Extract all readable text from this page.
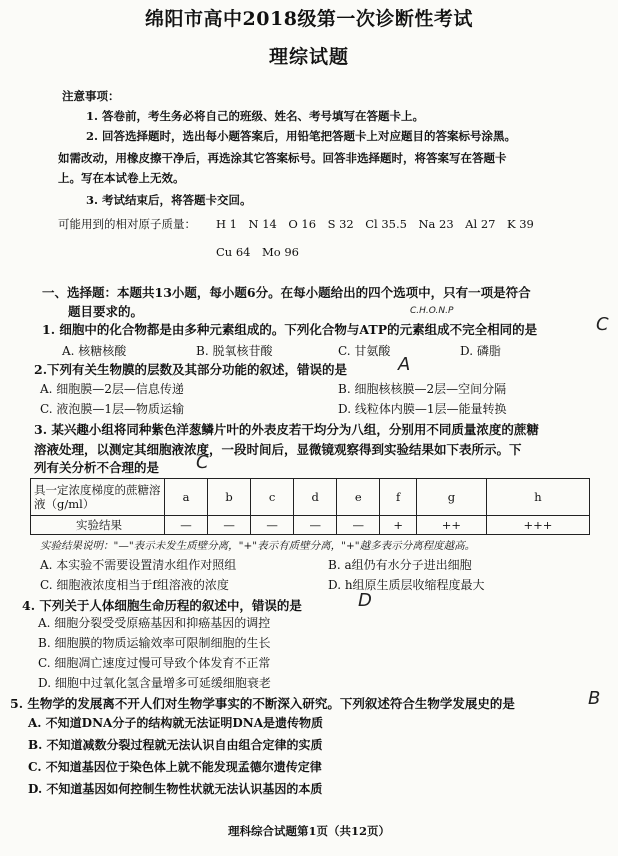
绵阳市高中2018级第一次诊断性考试
理综试题
注意事项：
1. 答卷前，考生务必将自己的班级、姓名、考号填写在答题卡上。
2. 回答选择题时，选出每小题答案后，用铅笔把答题卡上对应题目的答案标号涂黑。
如需改动，用橡皮擦干净后，再选涂其它答案标号。回答非选择题时，将答案写在答题卡
上。写在本试卷上无效。
3. 考试结束后，将答题卡交回。
可能用到的相对原子质量： H 1　N 14　O 16　S 32　Cl 35.5　Na 23　Al 27　K 39
Cu 64　Mo 96
一、选择题：本题共13小题，每小题6分。在每小题给出的四个选项中，只有一项是符合
题目要求的。	C.H.O.N.P
1. 细胞中的化合物都是由多种元素组成的。下列化合物与ATP的元素组成不完全相同的是	C
A. 核糖核酸	B. 脱氧核苷酸	C. 甘氨酸	D. 磷脂
2.下列有关生物膜的层数及其部分功能的叙述，错误的是	A
A. 细胞膜—2层—信息传递	B. 细胞核核膜—2层—空间分隔
C. 液泡膜—1层—物质运输	D. 线粒体内膜—1层—能量转换
3. 某兴趣小组将同种紫色洋葱鳞片叶的外表皮若干均分为八组，分别用不同质量浓度的蔗糖
溶液处理，以测定其细胞液浓度，一段时间后，显微镜观察得到实验结果如下表所示。下
列有关分析不合理的是 C
具一定浓度梯度的蔗糖溶液（g/ml）	a	b	c	d	e	f	g	h
实验结果	—	—	—	—	—	+	++	+++
实验结果说明："—"表示未发生质壁分离，"+"表示有质壁分离，"+"越多表示分离程度越高。
A. 本实验不需要设置清水组作对照组	B. a组仍有水分子进出细胞
C. 细胞液浓度相当于f组溶液的浓度	D. h组原生质层收缩程度最大
4. 下列关于人体细胞生命历程的叙述中，错误的是	D
A. 细胞分裂受受原癌基因和抑癌基因的调控
B. 细胞膜的物质运输效率可限制细胞的生长
C. 细胞凋亡速度过慢可导致个体发育不正常
D. 细胞中过氧化氢含量增多可延缓细胞衰老
5. 生物学的发展离不开人们对生物学事实的不断深入研究。下列叙述符合生物学发展史的是	B
A. 不知道DNA分子的结构就无法证明DNA是遗传物质
B. 不知道减数分裂过程就无法认识自由组合定律的实质
C. 不知道基因位于染色体上就不能发现孟德尔遗传定律
D. 不知道基因如何控制生物性状就无法认识基因的本质
理科综合试题第1页（共12页）
